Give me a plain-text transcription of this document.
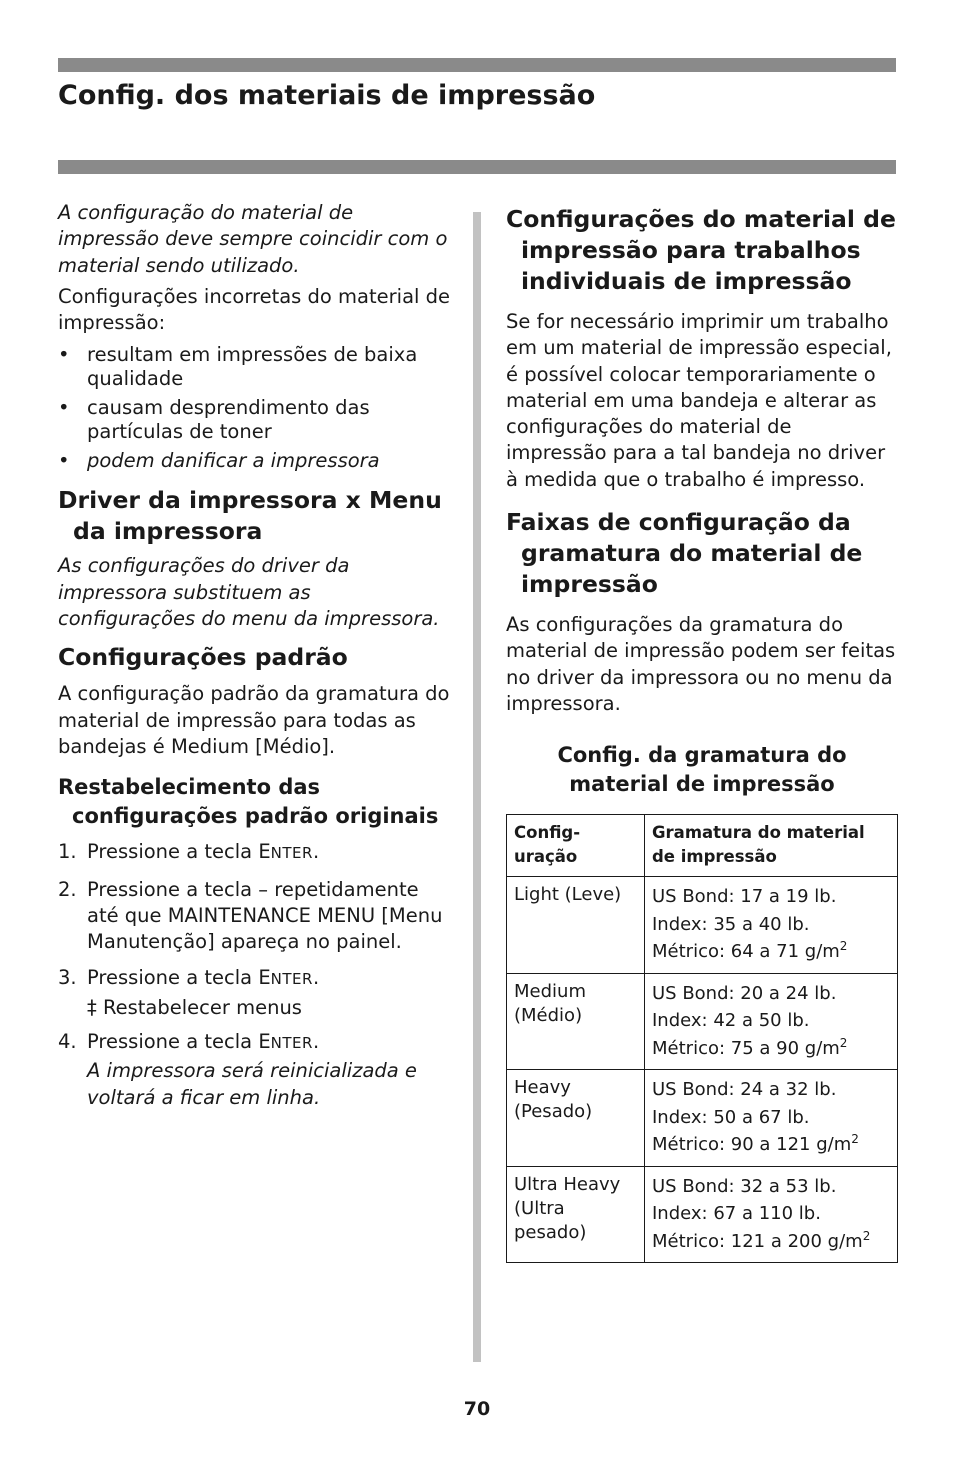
Config. dos materiais de impressão

A configuração do material de impressão deve sempre coincidir com o material sendo utilizado.

Configurações incorretas do material de impressão:

• resultam em impressões de baixa qualidade
• causam desprendimento das partículas de toner
• podem danificar a impressora
Driver da impressora x Menu da impressora

As configurações do driver da impressora substituem as configurações do menu da impressora.

Configurações padrão

A configuração padrão da gramatura do material de impressão para todas as bandejas é Medium [Médio].

Restabelecimento das configurações padrão originais
1. Pressione a tecla ENTER.
2. Pressione a tecla – repetidamente até que MAINTENANCE MENU [Menu Manutenção] apareça no painel.
3. Pressione a tecla ENTER.
‡ Restabelecer menus
4. Pressione a tecla ENTER.
A impressora será reinicializada e voltará a ficar em linha.
Configurações do material de impressão para trabalhos individuais de impressão

Se for necessário imprimir um trabalho em um material de impressão especial, é possível colocar temporariamente o material em uma bandeja e alterar as configurações do material de impressão para a tal bandeja no driver à medida que o trabalho é impresso.

Faixas de configuração da gramatura do material de impressão

As configurações da gramatura do material de impressão podem ser feitas no driver da impressora ou no menu da impressora.

Config. da gramatura do material de impressão

Config-uração	Gramatura do material de impressão
Light (Leve)	US Bond: 17 a 19 lb.
Index: 35 a 40 lb.
Métrico: 64 a 71 $g/m^2$

Medium (Médio)	US Bond: 20 a 24 lb.
Index: 42 a 50 lb.
Métrico: 75 a 90 $g/m^2$

Heavy (Pesado)	US Bond: 24 a 32 lb.
Index: 50 a 67 lb.
Métrico: 90 a 121 $g/m^2$

Ultra Heavy (Ultra pesado)	US Bond: 32 a 53 lb.
Index: 67 a 110 lb.
Métrico: 121 a 200 $g/m^2$

70
